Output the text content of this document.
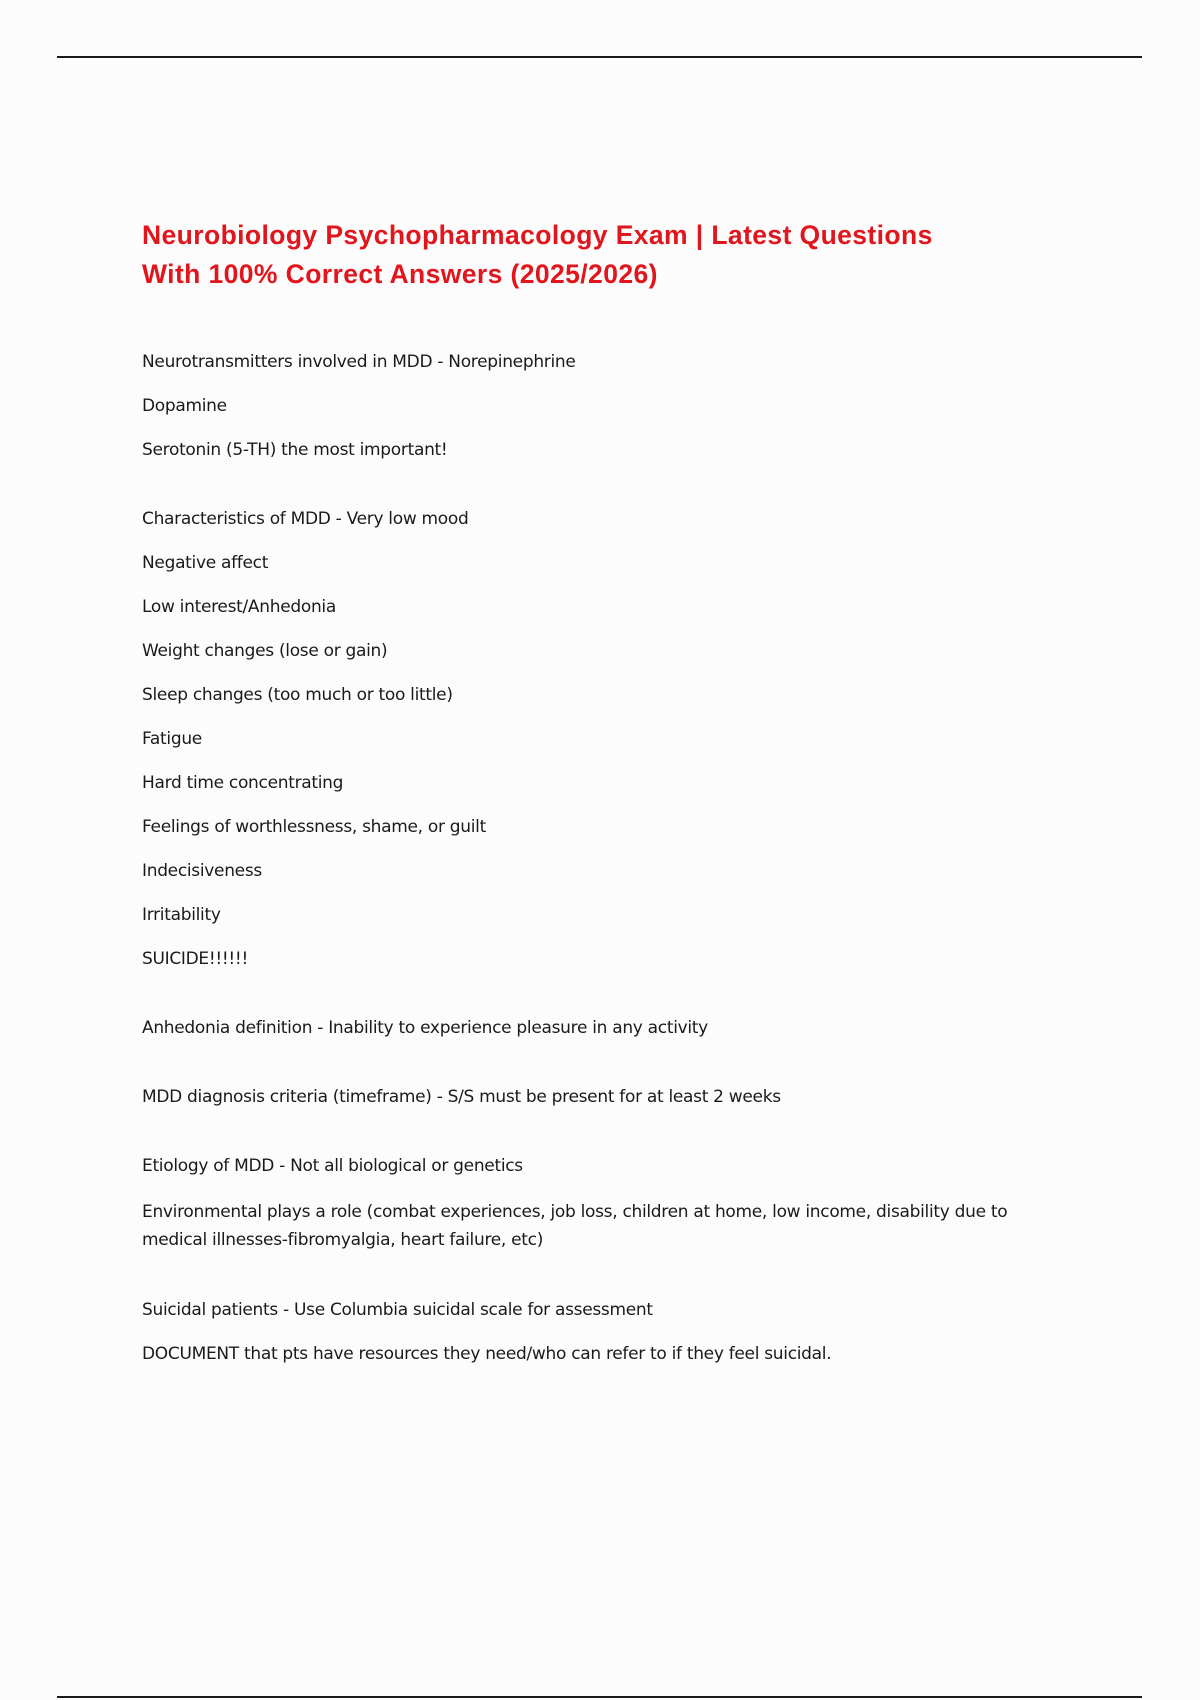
Neurobiology Psychopharmacology Exam | Latest Questions
With 100% Correct Answers (2025/2026)

Neurotransmitters involved in MDD - Norepinephrine

Dopamine

Serotonin (5-TH) the most important!

Characteristics of MDD - Very low mood

Negative affect

Low interest/Anhedonia

Weight changes (lose or gain)

Sleep changes (too much or too little)

Fatigue

Hard time concentrating

Feelings of worthlessness, shame, or guilt

Indecisiveness

Irritability

SUICIDE!!!!!!

Anhedonia definition - Inability to experience pleasure in any activity

MDD diagnosis criteria (timeframe) - S/S must be present for at least 2 weeks

Etiology of MDD - Not all biological or genetics

Environmental plays a role (combat experiences, job loss, children at home, low income, disability due to medical illnesses-fibromyalgia, heart failure, etc)

Suicidal patients - Use Columbia suicidal scale for assessment

DOCUMENT that pts have resources they need/who can refer to if they feel suicidal.
